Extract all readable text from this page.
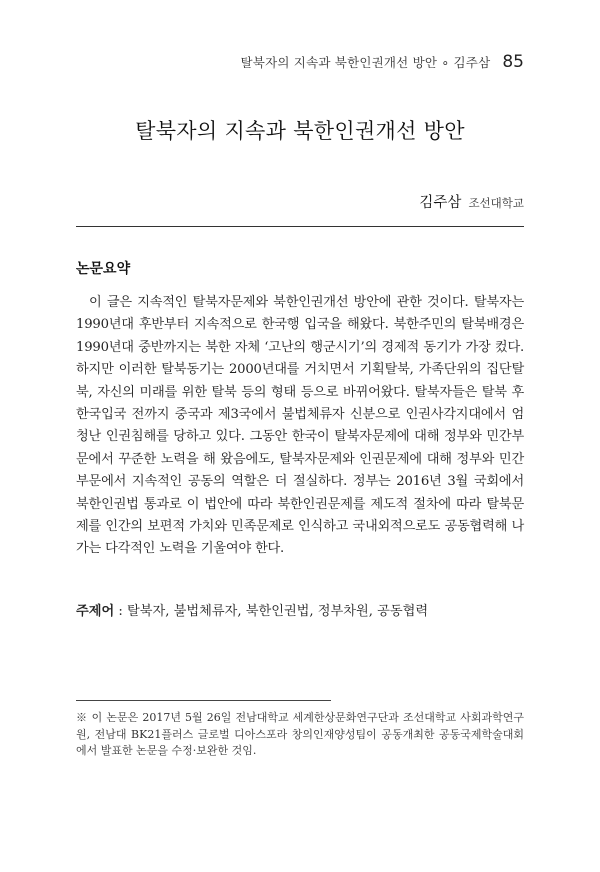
탈북자의 지속과 북한인권개선 방안 ∘ 김주삼 85
탈북자의 지속과 북한인권개선 방안
김주삼 조선대학교
논문요약

이 글은 지속적인 탈북자문제와 북한인권개선 방안에 관한 것이다. 탈북자는 1990년대 후반부터 지속적으로 한국행 입국을 해왔다. 북한주민의 탈북배경은 1990년대 중반까지는 북한 자체 ‘고난의 행군시기’의 경제적 동기가 가장 컸다. 하지만 이러한 탈북동기는 2000년대를 거치면서 기획탈북, 가족단위의 집단탈북, 자신의 미래를 위한 탈북 등의 형태 등으로 바뀌어왔다. 탈북자들은 탈북 후 한국입국 전까지 중국과 제3국에서 불법체류자 신분으로 인권사각지대에서 엄청난 인권침해를 당하고 있다. 그동안 한국이 탈북자문제에 대해 정부와 민간부문에서 꾸준한 노력을 해 왔음에도, 탈북자문제와 인권문제에 대해 정부와 민간부문에서 지속적인 공동의 역할은 더 절실하다. 정부는 2016년 3월 국회에서 북한인권법 통과로 이 법안에 따라 북한인권문제를 제도적 절차에 따라 탈북문제를 인간의 보편적 가치와 민족문제로 인식하고 국내외적으로도 공동협력해 나가는 다각적인 노력을 기울여야 한다.

주제어 : 탈북자, 불법체류자, 북한인권법, 정부차원, 공동협력

※ 이 논문은 2017년 5월 26일 전남대학교 세계한상문화연구단과 조선대학교 사회과학연구원, 전남대 BK21플러스 글로벌 디아스포라 창의인재양성팀이 공동개최한 공동국제학술대회에서 발표한 논문을 수정·보완한 것임.
